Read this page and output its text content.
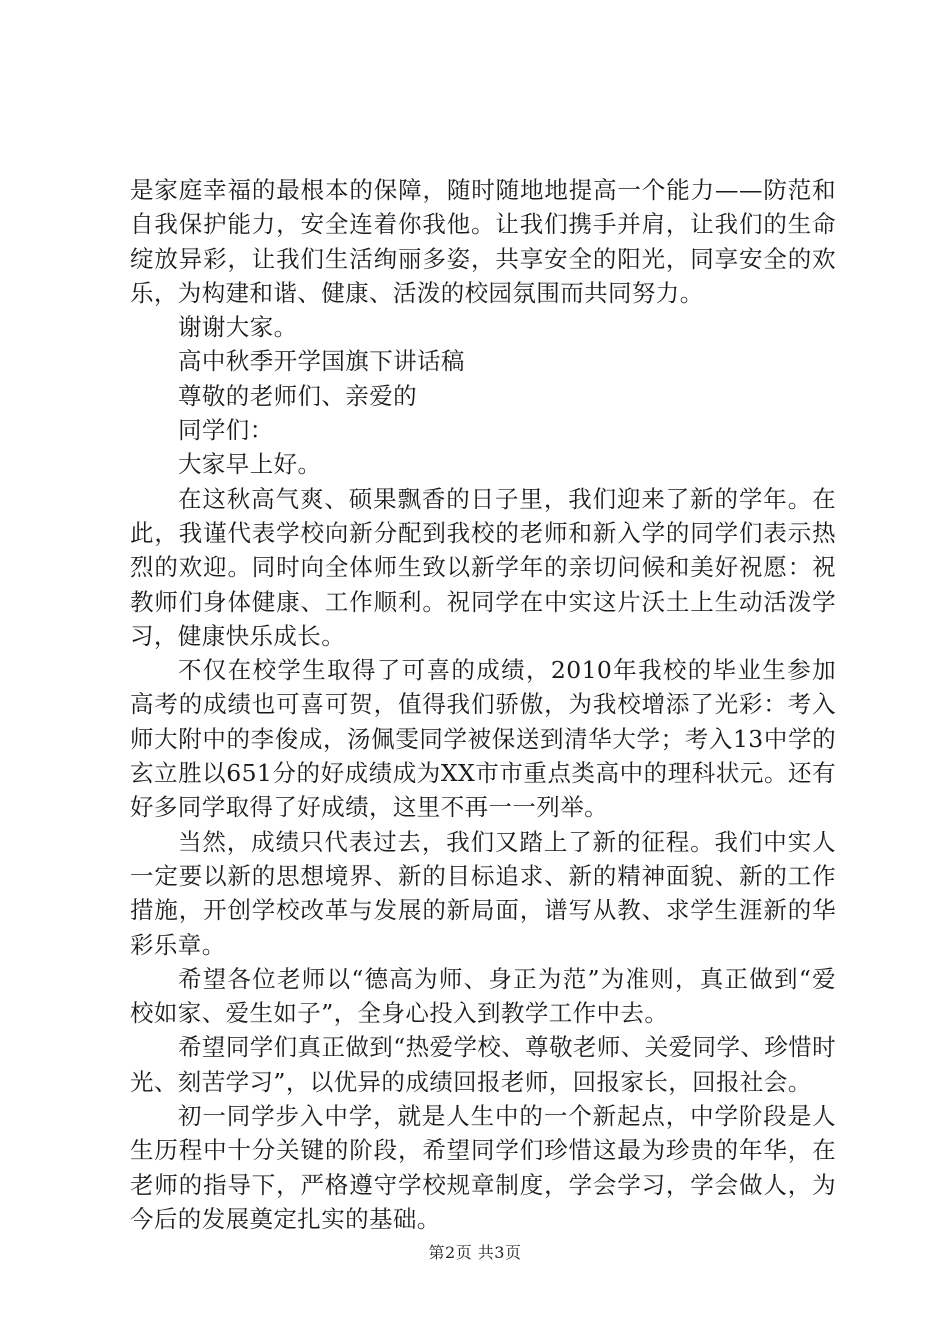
是家庭幸福的最根本的保障，随时随地地提高一个能力——防范和自我保护能力，安全连着你我他。让我们携手并肩，让我们的生命绽放异彩，让我们生活绚丽多姿，共享安全的阳光，同享安全的欢乐，为构建和谐、健康、活泼的校园氛围而共同努力。

谢谢大家。

高中秋季开学国旗下讲话稿

尊敬的老师们、亲爱的

同学们：

大家早上好。

在这秋高气爽、硕果飘香的日子里，我们迎来了新的学年。在此，我谨代表学校向新分配到我校的老师和新入学的同学们表示热烈的欢迎。同时向全体师生致以新学年的亲切问候和美好祝愿：祝教师们身体健康、工作顺利。祝同学在中实这片沃土上生动活泼学习，健康快乐成长。

不仅在校学生取得了可喜的成绩，2010年我校的毕业生参加高考的成绩也可喜可贺，值得我们骄傲，为我校增添了光彩：考入师大附中的李俊成，汤佩雯同学被保送到清华大学；考入13中学的玄立胜以651分的好成绩成为XX市市重点类高中的理科状元。还有好多同学取得了好成绩，这里不再一一列举。

当然，成绩只代表过去，我们又踏上了新的征程。我们中实人一定要以新的思想境界、新的目标追求、新的精神面貌、新的工作措施，开创学校改革与发展的新局面，谱写从教、求学生涯新的华彩乐章。

希望各位老师以“德高为师、身正为范”为准则，真正做到“爱校如家、爱生如子”，全身心投入到教学工作中去。

希望同学们真正做到“热爱学校、尊敬老师、关爱同学、珍惜时光、刻苦学习”，以优异的成绩回报老师，回报家长，回报社会。

初一同学步入中学，就是人生中的一个新起点，中学阶段是人生历程中十分关键的阶段，希望同学们珍惜这最为珍贵的年华，在老师的指导下，严格遵守学校规章制度，学会学习，学会做人，为今后的发展奠定扎实的基础。

第2页 共3页
